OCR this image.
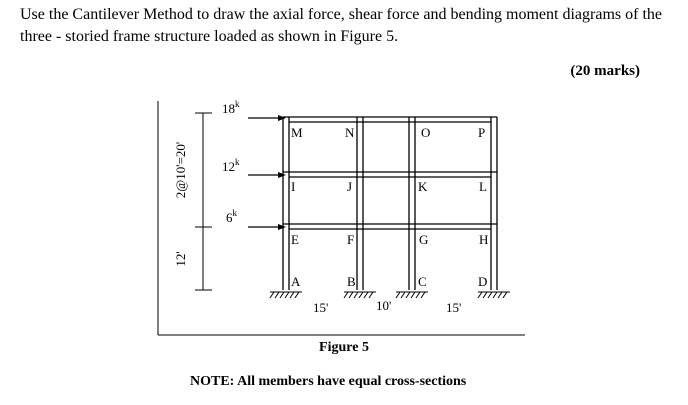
Use the Cantilever Method to draw the axial force, shear force and bending moment diagrams of the three - storied frame structure loaded as shown in Figure 5.

(20 marks)
2@10'=20'
12'
18$^k$
12$^k$
6$^k$
M	N	O	P
I	J	K	L
E	F	G	H
A	B	C	D
15'	10'	15'
Figure 5
NOTE: All members have equal cross-sections
